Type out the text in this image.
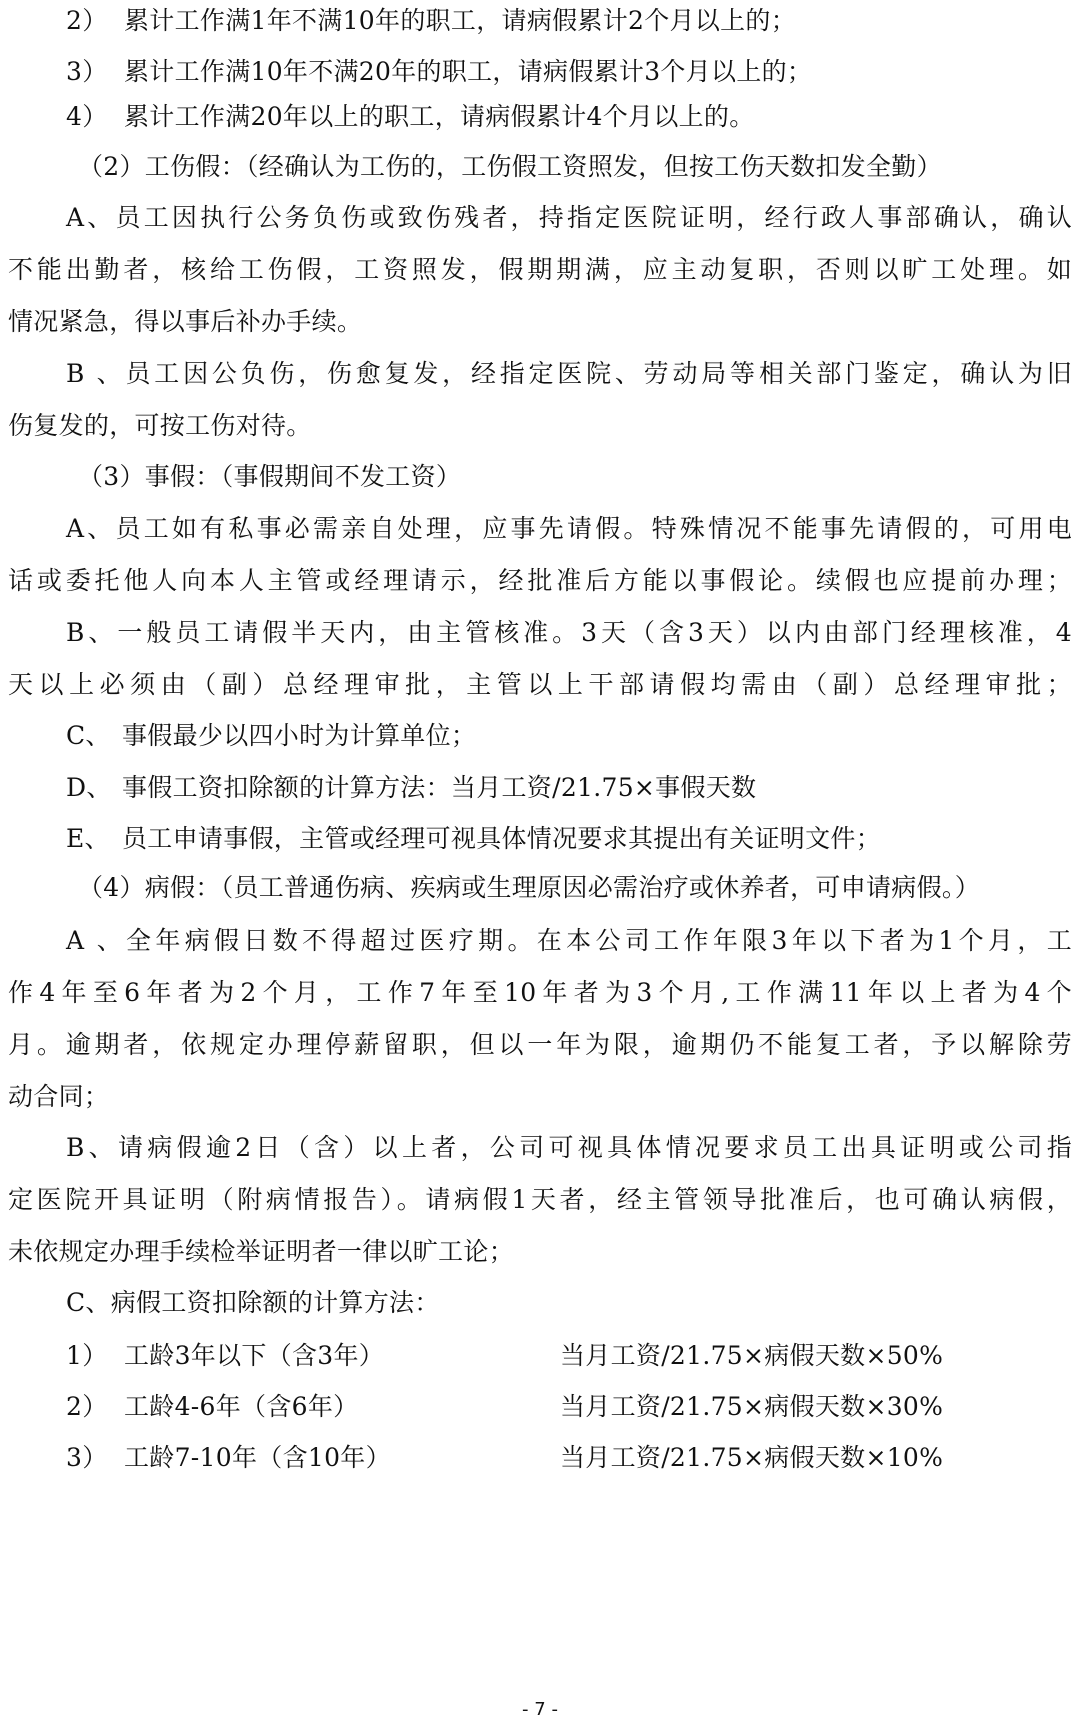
2） 累计工作满1年不满10年的职工，请病假累计2个月以上的；
3） 累计工作满10年不满20年的职工，请病假累计3个月以上的；
4） 累计工作满20年以上的职工，请病假累计4个月以上的。
（2）工伤假：（经确认为工伤的，工伤假工资照发，但按工伤天数扣发全勤）
A、员工因执行公务负伤或致伤残者，持指定医院证明，经行政人事部确认，确认
不能出勤者，核给工伤假，工资照发，假期期满，应主动复职，否则以旷工处理。如
情况紧急，得以事后补办手续。
B、员工因公负伤，伤愈复发，经指定医院、劳动局等相关部门鉴定，确认为旧
伤复发的，可按工伤对待。
（3）事假：（事假期间不发工资）
A、员工如有私事必需亲自处理，应事先请假。特殊情况不能事先请假的，可用电
话或委托他人向本人主管或经理请示，经批准后方能以事假论。续假也应提前办理；
B、一般员工请假半天内，由主管核准。3天（含3天）以内由部门经理核准，4
天以上必须由（副）总经理审批，主管以上干部请假均需由（副）总经理审批；
C、 事假最少以四小时为计算单位；
D、 事假工资扣除额的计算方法：当月工资/21.75×事假天数
E、 员工申请事假，主管或经理可视具体情况要求其提出有关证明文件；
（4）病假：（员工普通伤病、疾病或生理原因必需治疗或休养者，可申请病假。）
A、全年病假日数不得超过医疗期。在本公司工作年限3年以下者为1个月，工
作4年至6年者为2个月，工作7年至10年者为3个月,工作满11年以上者为4个
月。逾期者，依规定办理停薪留职，但以一年为限，逾期仍不能复工者，予以解除劳
动合同；
B、请病假逾2日（含）以上者，公司可视具体情况要求员工出具证明或公司指
定医院开具证明（附病情报告）。请病假1天者，经主管领导批准后，也可确认病假，
未依规定办理手续检举证明者一律以旷工论；
C、病假工资扣除额的计算方法：
1） 工龄3年以下（含3年）	当月工资/21.75×病假天数×50%
2） 工龄4-6年（含6年）	当月工资/21.75×病假天数×30%
3） 工龄7-10年（含10年）	当月工资/21.75×病假天数×10%
- 7 -
